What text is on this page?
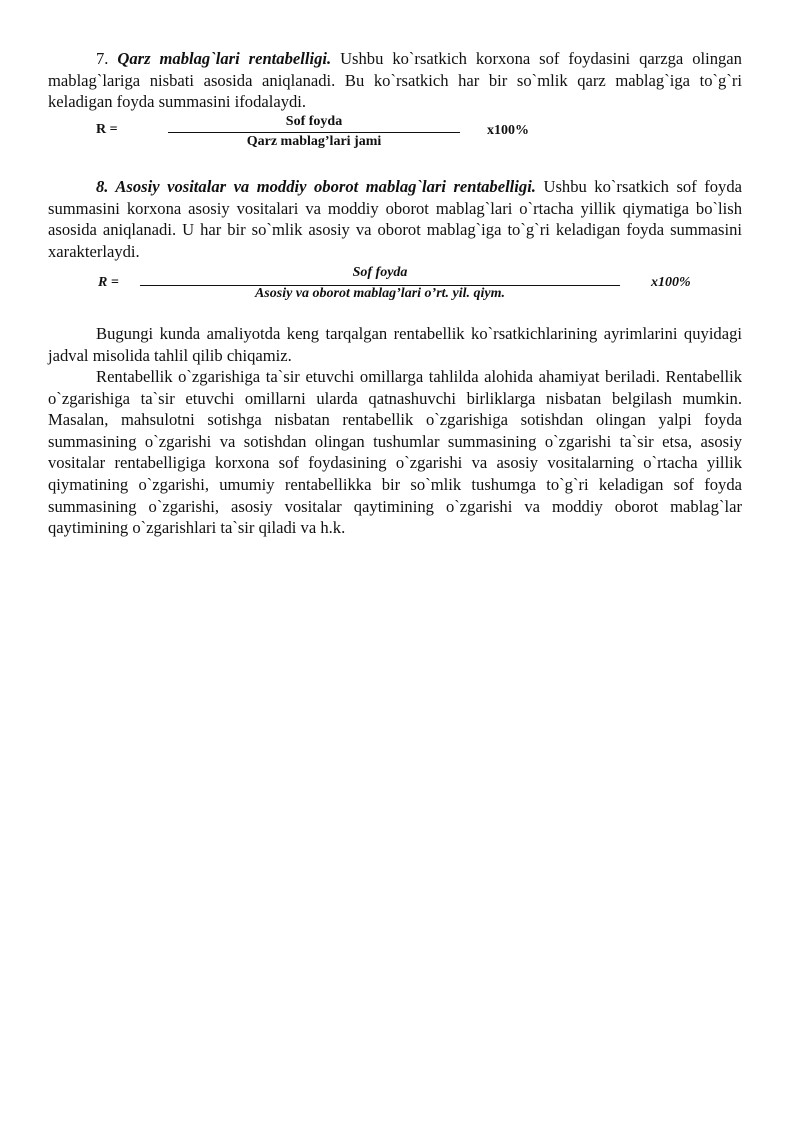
7. Qarz mablag`lari rentabelligi. Ushbu ko`rsatkich korxona sof foydasini qarzga olingan mablag`lariga nisbati asosida aniqlanadi. Bu ko`rsatkich har bir so`mlik qarz mablag`iga to`g`ri keladigan foyda summasini ifodalaydi.

R =
Sof foyda
Qarz mablag’lari jami
x100%

8. Asosiy vositalar va moddiy oborot mablag`lari rentabelligi. Ushbu ko`rsatkich sof foyda summasini korxona asosiy vositalari va moddiy oborot mablag`lari o`rtacha yillik qiymatiga bo`lish asosida aniqlanadi. U har bir so`mlik asosiy va oborot mablag`iga to`g`ri keladigan foyda summasini xarakterlaydi.

R =
Sof foyda
Asosiy va oborot mablag’lari o’rt. yil. qiym.
x100%

Bugungi kunda amaliyotda keng tarqalgan rentabellik ko`rsatkichlarining ayrimlarini quyidagi jadval misolida tahlil qilib chiqamiz.

Rentabellik o`zgarishiga ta`sir etuvchi omillarga tahlilda alohida ahamiyat beriladi. Rentabellik o`zgarishiga ta`sir etuvchi omillarni ularda qatnashuvchi birliklarga nisbatan belgilash mumkin. Masalan, mahsulotni sotishga nisbatan rentabellik o`zgarishiga sotishdan olingan yalpi foyda summasining o`zgarishi va sotishdan olingan tushumlar summasining o`zgarishi ta`sir etsa, asosiy vositalar rentabelligiga korxona sof foydasining o`zgarishi va asosiy vositalarning o`rtacha yillik qiymatining o`zgarishi, umumiy rentabellikka bir so`mlik tushumga to`g`ri keladigan sof foyda summasining o`zgarishi, asosiy vositalar qaytimining o`zgarishi va moddiy oborot mablag`lar qaytimining o`zgarishlari ta`sir qiladi va h.k.
